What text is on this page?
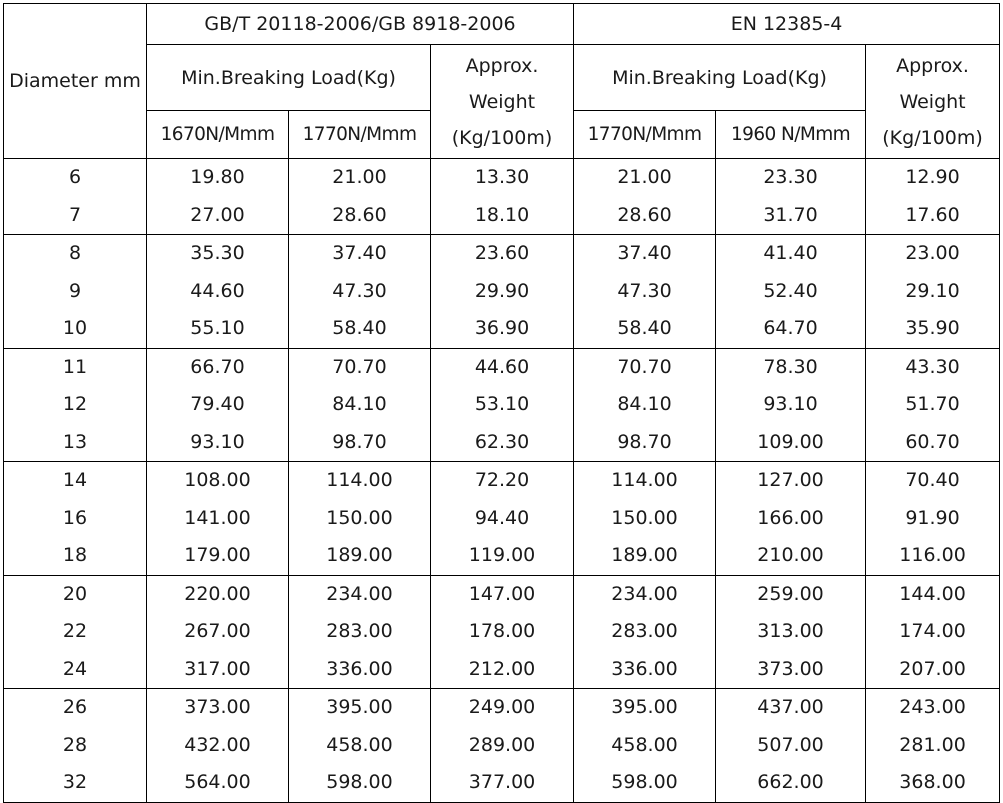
Diameter mm	GB/T 20118-2006/GB 8918-2006			EN 12385-4		
	Min.Breaking Load(Kg)		Approx. Weight (Kg/100m)	Min.Breaking Load(Kg)		Approx. Weight (Kg/100m)
	1670N/Mmm	1770N/Mmm		1770N/Mmm	1960 N/Mmm	
6	19.80	21.00	13.30	21.00	23.30	12.90
7	27.00	28.60	18.10	28.60	31.70	17.60
8	35.30	37.40	23.60	37.40	41.40	23.00
9	44.60	47.30	29.90	47.30	52.40	29.10
10	55.10	58.40	36.90	58.40	64.70	35.90
11	66.70	70.70	44.60	70.70	78.30	43.30
12	79.40	84.10	53.10	84.10	93.10	51.70
13	93.10	98.70	62.30	98.70	109.00	60.70
14	108.00	114.00	72.20	114.00	127.00	70.40
16	141.00	150.00	94.40	150.00	166.00	91.90
18	179.00	189.00	119.00	189.00	210.00	116.00
20	220.00	234.00	147.00	234.00	259.00	144.00
22	267.00	283.00	178.00	283.00	313.00	174.00
24	317.00	336.00	212.00	336.00	373.00	207.00
26	373.00	395.00	249.00	395.00	437.00	243.00
28	432.00	458.00	289.00	458.00	507.00	281.00
32	564.00	598.00	377.00	598.00	662.00	368.00
